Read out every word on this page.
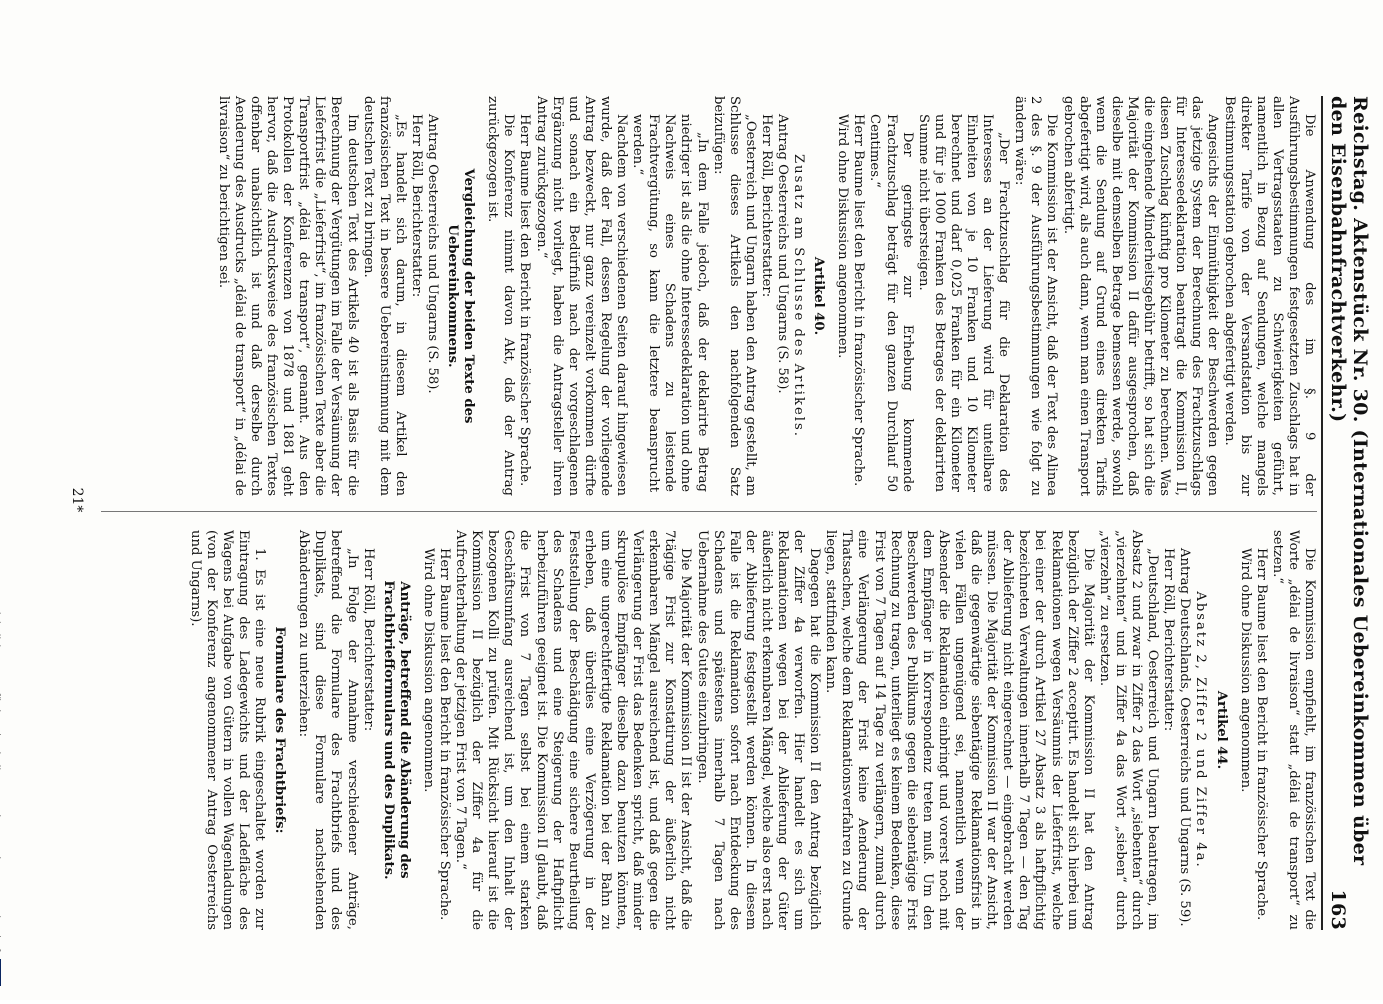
Reichstag. Aktenstück Nr. 30. (Internationales Uebereinkommen über den Eisenbahnfrachtverkehr.)
163

Die Anwendung des im §. 9 der Ausführungsbestimmungen festgesetzten Zuschlags hat in allen Vertragsstaaten zu Schwierigkeiten geführt, namentlich in Bezug auf Sendungen, welche mangels direkter Tarife von der Versandstation bis zur Bestimmungsstation gebrochen abgefertigt werden.

Angesichts der Einmüthigkeit der Beschwerden gegen das jetzige System der Berechnung des Frachtzuschlags für Interesseedeklaration beantragt die Kommission II, diesen Zuschlag künftig pro Kilometer zu berechnen. Was die eingehende Minderheitsgebühr betrifft, so hat sich die Majorität der Kommission II dafür ausgesprochen, daß dieselbe mit demselben Betrage bemessen werde, sowohl wenn die Sendung auf Grund eines direkten Tarifs abgefertigt wird, als auch dann, wenn man einen Transport gebrochen abfertigt.

Die Kommission ist der Ansicht, daß der Text des Alinea 2 des §. 9 der Ausführungsbestimmungen wie folgt zu ändern wäre:

„Der Frachtzuschlag für die Deklaration des Interesses an der Lieferung wird für unteilbare Einheiten von je 10 Franken und 10 Kilometer berechnet und darf 0,025 Franken für ein Kilometer und für je 1000 Franken des Betrages der deklarirten Summe nicht übersteigen.

Der geringste zur Erhebung kommende Frachtzuschlag beträgt für den ganzen Durchlauf 50 Centimes.“

Herr Baume liest den Bericht in französischer Sprache.

Wird ohne Diskussion angenommen.

Artikel 40.

Zusatz am Schlusse des Artikels.

Antrag Oesterreichs und Ungarns (S. 58).

Herr Röll, Berichterstatter:

„Oesterreich und Ungarn haben den Antrag gestellt, am Schlusse dieses Artikels den nachfolgenden Satz beizufügen:

„In dem Falle jedoch, daß der deklarirte Betrag niedriger ist als die ohne Interessedeklaration und ohne Nachweis eines Schadens zu leistende Frachtvergütung, so kann die letztere beansprucht werden.“

Nachdem von verschiedenen Seiten darauf hingewiesen wurde, daß der Fall, dessen Regelung der vorliegende Antrag bezweckt, nur ganz vereinzelt vorkommen dürfte und sonach ein Bedürfniß nach der vorgeschlagenen Ergänzung nicht vorliegt, haben die Antragsteller ihren Antrag zurückgezogen.“

Herr Baume liest den Bericht in französischer Sprache.

Die Konferenz nimmt davon Akt, daß der Antrag zurückgezogen ist.

Vergleichung der beiden Texte des Uebereinkommens.

Antrag Oesterreichs und Ungarns (S. 58).

Herr Röll, Berichterstatter:

„Es handelt sich darum, in diesem Artikel den französischen Text in bessere Uebereinstimmung mit dem deutschen Text zu bringen.

Im deutschen Text des Artikels 40 ist als Basis für die Berechnung der Vergütungen im Falle der Versäumung der Lieferfrist die „Lieferfrist“, im französischen Texte aber die Transportfrist „délai de transport“, genannt. Aus den Protokollen der Konferenzen von 1878 und 1881 geht hervor, daß die Ausdrucksweise des französischen Textes offenbar unabsichtlich ist und daß derselbe durch Aenderung des Ausdrucks „délai de transport“ in „délai de livraison“ zu berichtigen sei.

Die Kommission empfiehlt, im französischen Text die Worte „délai de livraison“ statt „délai de transport“ zu setzen.“

Herr Baume liest den Bericht in französischer Sprache.

Wird ohne Diskussion angenommen.

Artikel 44.

Absatz 2, Ziffer 2 und Ziffer 4a.

Antrag Deutschlands, Oesterreichs und Ungarns (S. 59).

Herr Röll, Berichterstatter:

„Deutschland, Oesterreich und Ungarn beantragen, im Absatz 2 und zwar in Ziffer 2 das Wort „siebenten“ durch „vierzehnten“ und in Ziffer 4a das Wort „sieben“ durch „vierzehn“ zu ersetzen.

Die Majorität der Kommission II hat den Antrag bezüglich der Ziffer 2 acceptirt. Es handelt sich hierbei um Reklamationen wegen Versäumnis der Lieferfrist, welche bei einer der durch Artikel 27 Absatz 3 als haftpflichtig bezeichneten Verwaltungen innerhalb 7 Tagen — den Tag der Ablieferung nicht eingerechnet — eingebracht werden müssen. Die Majorität der Kommission II war der Ansicht, daß die gegenwärtige siebentägige Reklamationsfrist in vielen Fällen ungenügend sei, namentlich wenn der Absender die Reklamation einbringt und vorerst noch mit dem Empfänger in Korrespondenz treten muß. Um den Beschwerden des Publikums gegen die siebentägige Frist Rechnung zu tragen, unterliegt es keinem Bedenken, diese Frist von 7 Tagen auf 14 Tage zu verlängern, zumal durch eine Verlängerung der Frist keine Aenderung der Thatsachen, welche dem Reklamationsverfahren zu Grunde liegen, stattfinden kann.

Dagegen hat die Kommission II den Antrag bezüglich der Ziffer 4a verworfen. Hier handelt es sich um Reklamationen wegen bei der Ablieferung der Güter äußerlich nicht erkennbaren Mängel, welche also erst nach der Ablieferung festgestellt werden können. In diesem Falle ist die Reklamation sofort nach Entdeckung des Schadens und spätestens innerhalb 7 Tagen nach Uebernahme des Gutes einzubringen.

Die Majorität der Kommission II ist der Ansicht, daß die 7tägige Frist zur Konstatirung der äußerlich nicht erkennbaren Mängel ausreichend ist, und daß gegen die Verlängerung der Frist das Bedenken spricht, daß minder skrupulöse Empfänger dieselbe dazu benutzen könnten, um eine ungerechtfertigte Reklamation bei der Bahn zu erheben, daß überdies eine Verzögerung in der Feststellung der Beschädigung eine sichere Beurtheilung des Schadens und eine Steigerung der Haftpflicht herbeizuführen geeignet ist. Die Kommission II glaubt, daß die Frist von 7 Tagen selbst bei einem starken Geschäftsumfang ausreichend ist, um den Inhalt der bezogenen Kolli zu prüfen. Mit Rücksicht hierauf ist die Kommission II bezüglich der Ziffer 4a für die Aufrechterhaltung der jetzigen Frist von 7 Tagen.“

Herr Baume liest den Bericht in französischer Sprache.

Wird ohne Diskussion angenommen.

Anträge, betreffend die Abänderung des Frachtbriefformulars und des Duplikats.

Herr Röll, Berichterstatter:

„In Folge der Annahme verschiedener Anträge, betreffend die Formulare des Frachtbriefs und des Duplikats, sind diese Formulare nachstehenden Abänderungen zu unterziehen:

Formulare des Frachtbriefs:

1. Es ist eine neue Rubrik eingeschaltet worden zur Eintragung des Ladegewichts und der Ladefläche des Wagens bei Aufgabe von Gütern in vollen Wagenladungen (von der Konferenz angenommener Antrag Oesterreichs und Ungarns).

21*
